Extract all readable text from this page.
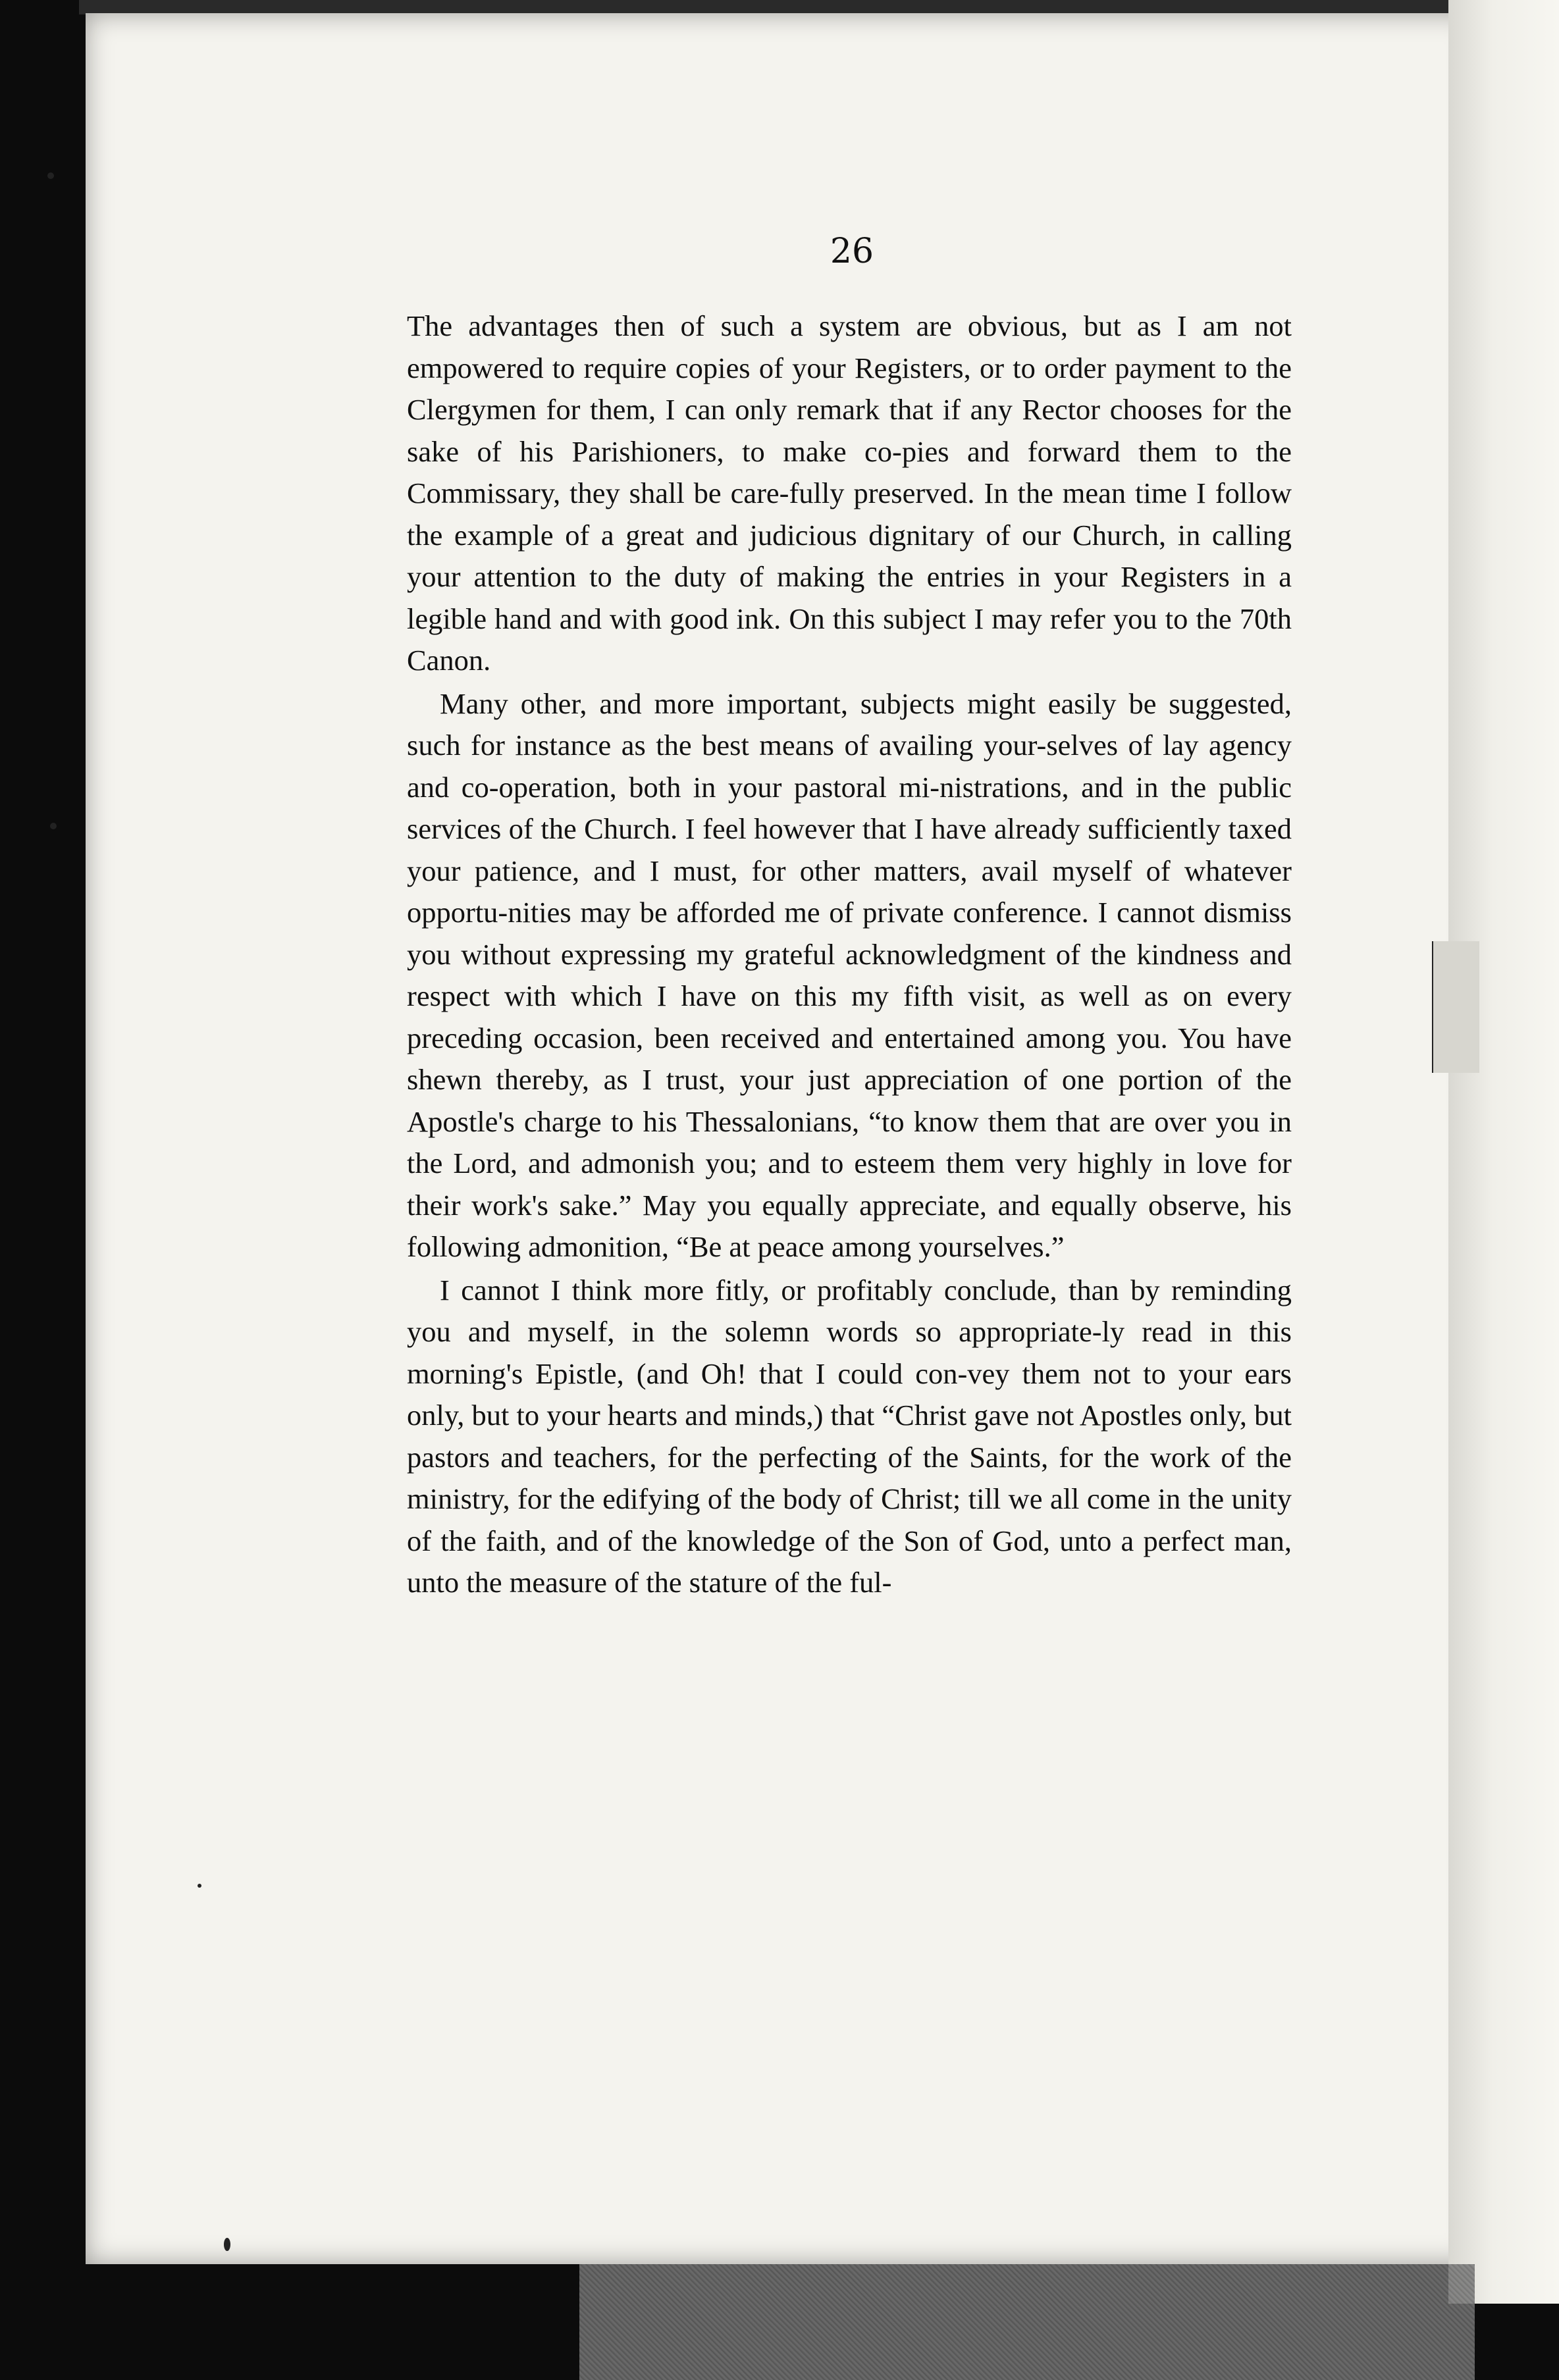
26

The advantages then of such a system are obvious, but as I am not empowered to require copies of your Registers, or to order payment to the Clergymen for them, I can only remark that if any Rector chooses for the sake of his Parishioners, to make co-pies and forward them to the Commissary, they shall be care-fully preserved. In the mean time I follow the example of a great and judicious dignitary of our Church, in calling your attention to the duty of making the entries in your Registers in a legible hand and with good ink. On this subject I may refer you to the 70th Canon.

Many other, and more important, subjects might easily be suggested, such for instance as the best means of availing your-selves of lay agency and co-operation, both in your pastoral mi-nistrations, and in the public services of the Church. I feel however that I have already sufficiently taxed your patience, and I must, for other matters, avail myself of whatever opportu-nities may be afforded me of private conference. I cannot dismiss you without expressing my grateful acknowledgment of the kindness and respect with which I have on this my fifth visit, as well as on every preceding occasion, been received and entertained among you. You have shewn thereby, as I trust, your just appreciation of one portion of the Apostle's charge to his Thessalonians, “to know them that are over you in the Lord, and admonish you; and to esteem them very highly in love for their work's sake.” May you equally appreciate, and equally observe, his following admonition, “Be at peace among yourselves.”

I cannot I think more fitly, or profitably conclude, than by reminding you and myself, in the solemn words so appropriate-ly read in this morning's Epistle, (and Oh! that I could con-vey them not to your ears only, but to your hearts and minds,) that “Christ gave not Apostles only, but pastors and teachers, for the perfecting of the Saints, for the work of the ministry, for the edifying of the body of Christ; till we all come in the unity of the faith, and of the knowledge of the Son of God, unto a perfect man, unto the measure of the stature of the ful-
